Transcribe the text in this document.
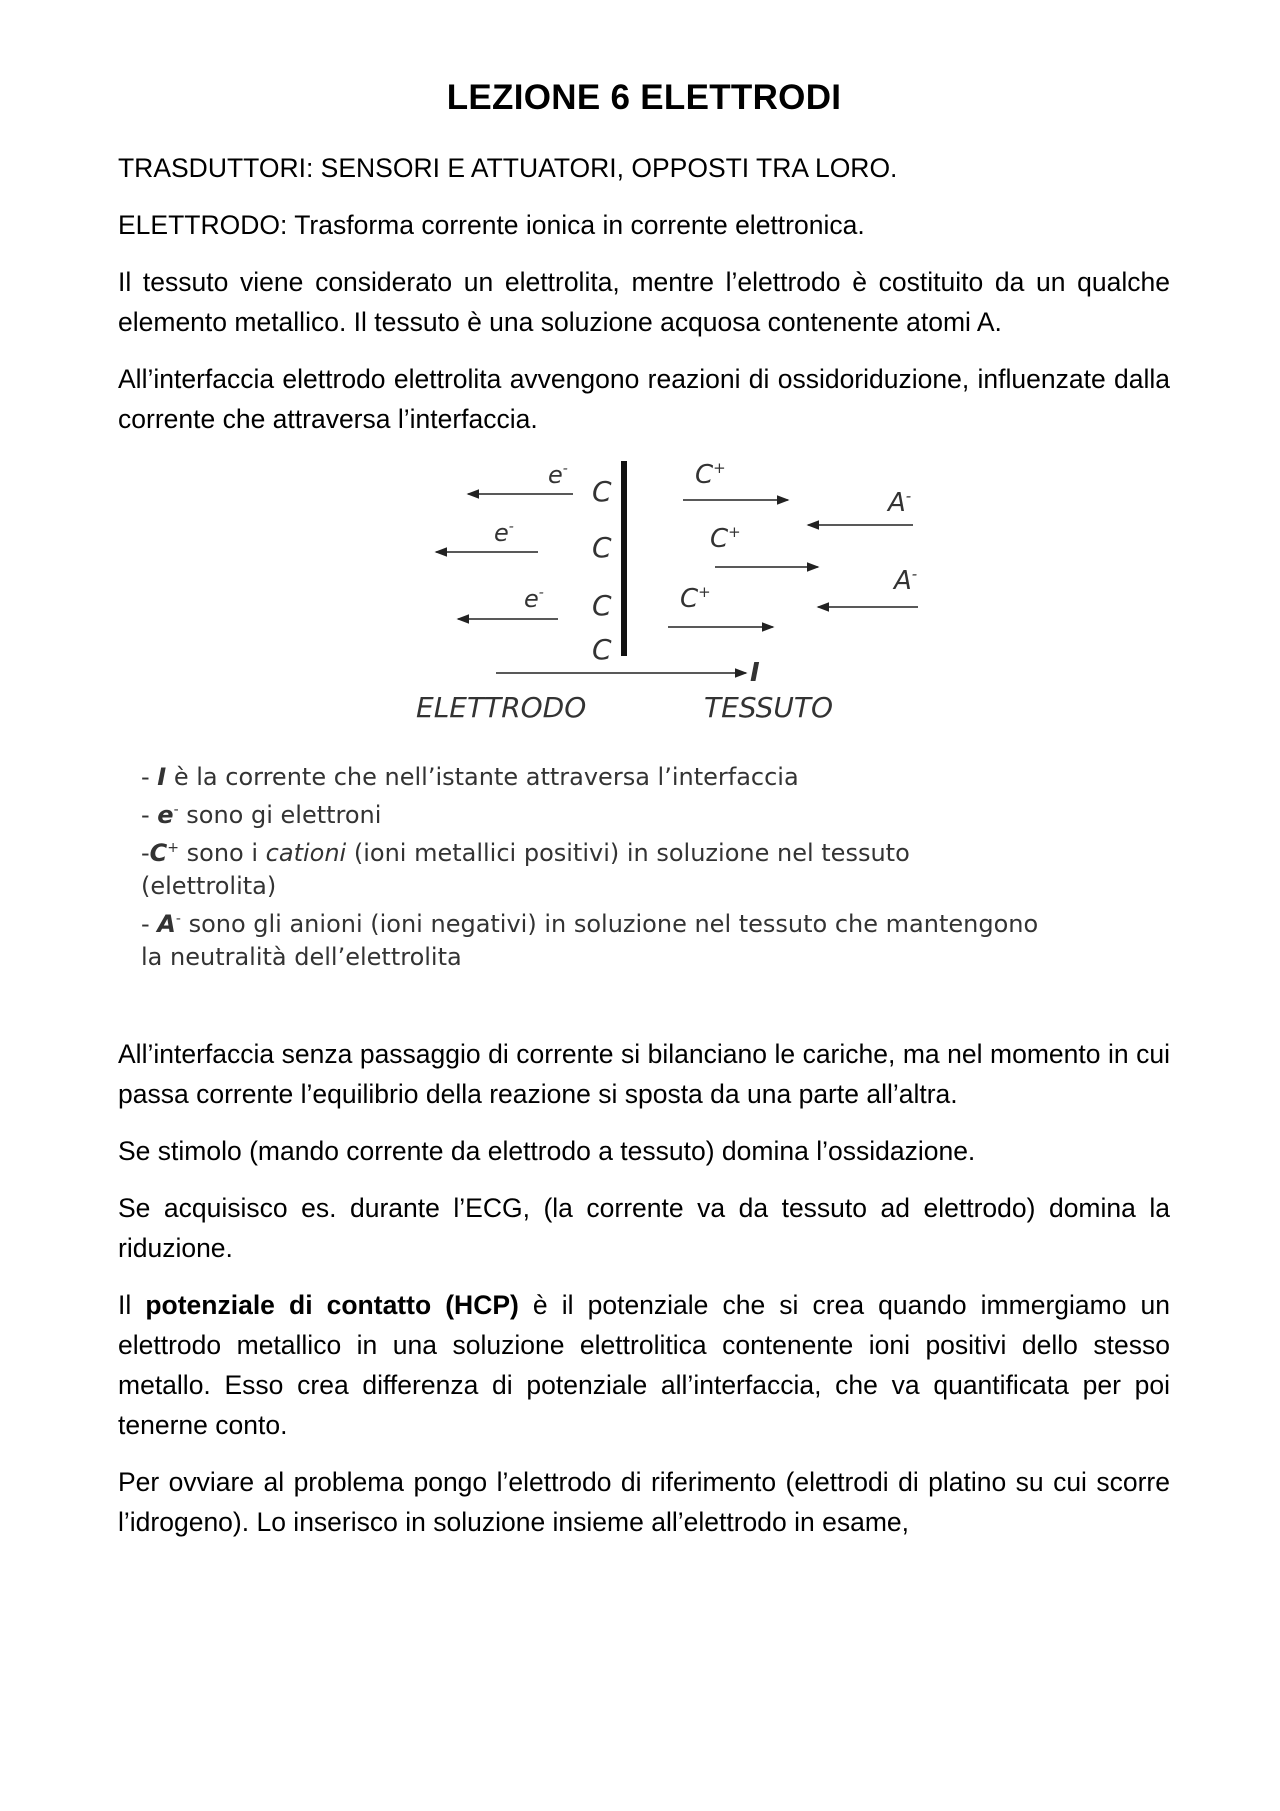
LEZIONE 6 ELETTRODI

TRASDUTTORI: SENSORI E ATTUATORI, OPPOSTI TRA LORO.

ELETTRODO: Trasforma corrente ionica in corrente elettronica.

Il tessuto viene considerato un elettrolita, mentre l’elettrodo è costituito da un qualche elemento metallico. Il tessuto è una soluzione acquosa contenente atomi A.

All’interfaccia elettrodo elettrolita avvengono reazioni di ossidoriduzione, influenzate dalla corrente che attraversa l’interfaccia.

C
C
C
C
e-
e-
e-
C+
C+
C+
A-
A-
I
ELETTRODO	TESSUTO
- I è la corrente che nell’istante attraversa l’interfaccia
- e- sono gi elettroni
-C+ sono i cationi (ioni metallici positivi) in soluzione nel tessuto
(elettrolita)
- A- sono gli anioni (ioni negativi) in soluzione nel tessuto che mantengono
la neutralità dell’elettrolita

All’interfaccia senza passaggio di corrente si bilanciano le cariche, ma nel momento in cui passa corrente l’equilibrio della reazione si sposta da una parte all’altra.

Se stimolo (mando corrente da elettrodo a tessuto) domina l’ossidazione.

Se acquisisco es. durante l’ECG, (la corrente va da tessuto ad elettrodo) domina la riduzione.

Il potenziale di contatto (HCP) è il potenziale che si crea quando immergiamo un elettrodo metallico in una soluzione elettrolitica contenente ioni positivi dello stesso metallo. Esso crea differenza di potenziale all’interfaccia, che va quantificata per poi tenerne conto.

Per ovviare al problema pongo l’elettrodo di riferimento (elettrodi di platino su cui scorre l’idrogeno). Lo inserisco in soluzione insieme all’elettrodo in esame,
